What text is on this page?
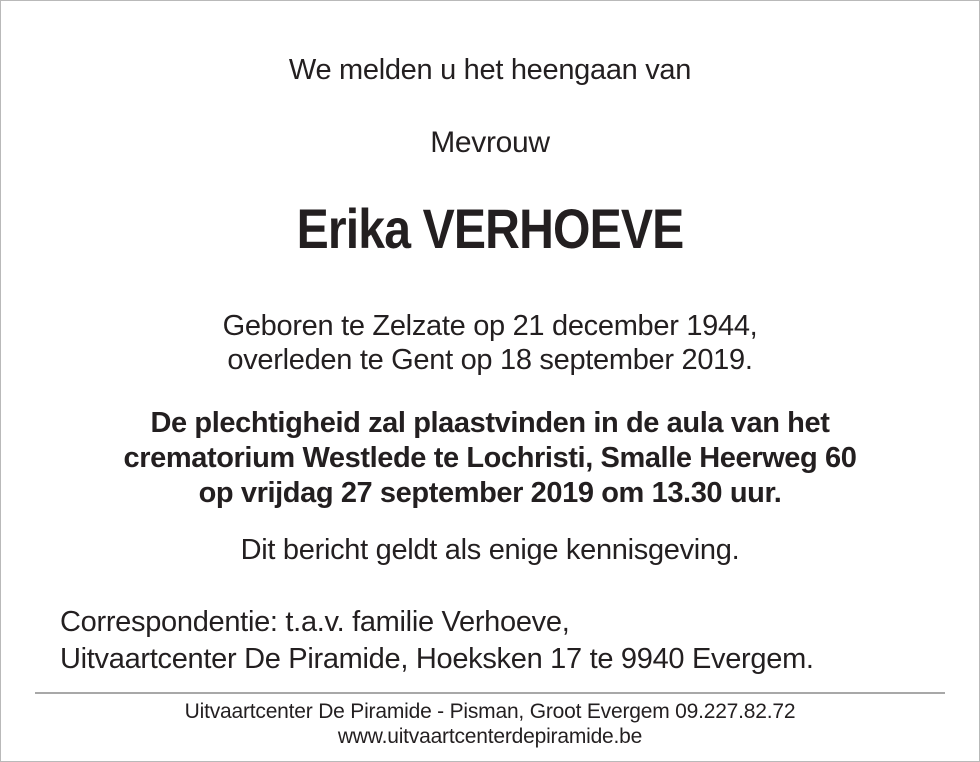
We melden u het heengaan van
Mevrouw
Erika VERHOEVE
Geboren te Zelzate op 21 december 1944,
overleden te Gent op 18 september 2019.
De plechtigheid zal plaastvinden in de aula van het
crematorium Westlede te Lochristi, Smalle Heerweg 60
op vrijdag 27 september 2019 om 13.30 uur.
Dit bericht geldt als enige kennisgeving.
Correspondentie: t.a.v. familie Verhoeve,
Uitvaartcenter De Piramide, Hoeksken 17 te 9940 Evergem.
Uitvaartcenter De Piramide - Pisman, Groot Evergem 09.227.82.72
www.uitvaartcenterdepiramide.be
